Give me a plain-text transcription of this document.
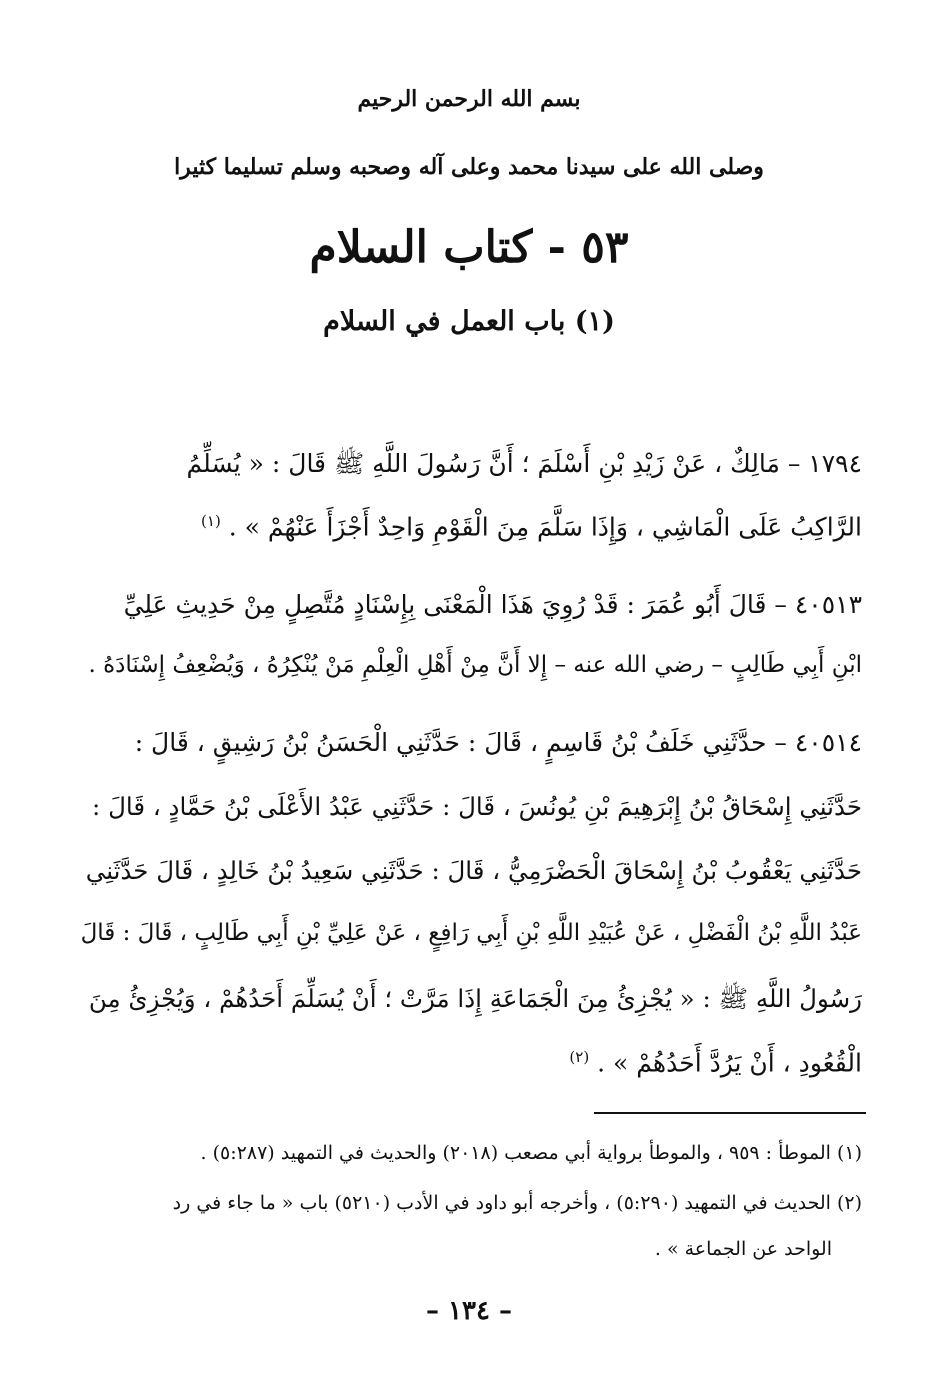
بسم الله الرحمن الرحيم
وصلى الله على سيدنا محمد وعلى آله وصحبه وسلم تسليما كثيرا
٥٣ - كتاب السلام
(١) باب العمل في السلام
١٧٩٤ – مَالِكٌ ، عَنْ زَيْدِ بْنِ أَسْلَمَ ؛ أَنَّ رَسُولَ اللَّهِ ﷺ قَالَ : « يُسَلِّمُ
الرَّاكِبُ عَلَى الْمَاشِي ، وَإِذَا سَلَّمَ مِنَ الْقَوْمِ وَاحِدٌ أَجْزَأَ عَنْهُمْ » . $^{(١)}$
٤٠٥١٣ – قَالَ أَبُو عُمَرَ : قَدْ رُوِيَ هَذَا الْمَعْنَى بِإِسْنَادٍ مُتَّصِلٍ مِنْ حَدِيثِ عَلِيِّ
ابْنِ أَبِي طَالِبٍ – رضي الله عنه – إِلا أَنَّ مِنْ أَهْلِ الْعِلْمِ مَنْ يُنْكِرُهُ ، وَيُضْعِفُ إِسْنَادَهُ .
٤٠٥١٤ – حدَّثَنِي خَلَفُ بْنُ قَاسِمٍ ، قَالَ : حَدَّثَنِي الْحَسَنُ بْنُ رَشِيقٍ ، قَالَ :
حَدَّثَنِي إِسْحَاقُ بْنُ إِبْرَهِيمَ بْنِ يُونُسَ ، قَالَ : حَدَّثَنِي عَبْدُ الأَعْلَى بْنُ حَمَّادٍ ، قَالَ :
حَدَّثَنِي يَعْقُوبُ بْنُ إِسْحَاقَ الْحَضْرَمِيُّ ، قَالَ : حَدَّثَنِي سَعِيدُ بْنُ خَالِدٍ ، قَالَ حَدَّثَنِي
عَبْدُ اللَّهِ بْنُ الْفَضْلِ ، عَنْ عُبَيْدِ اللَّهِ بْنِ أَبِي رَافِعٍ ، عَنْ عَلِيِّ بْنِ أَبِي طَالِبٍ ، قَالَ : قَالَ
رَسُولُ اللَّهِ ﷺ : « يُجْزِئُ مِنَ الْجَمَاعَةِ إِذَا مَرَّتْ ؛ أَنْ يُسَلِّمَ أَحَدُهُمْ ، وَيُجْزِئُ مِنَ
الْقُعُودِ ، أَنْ يَرُدَّ أَحَدُهُمْ » . $^{(٢)}$
(١) الموطأ : ٩٥٩ ، والموطأ برواية أبي مصعب (٢٠١٨) والحديث في التمهيد (٥:٢٨٧) .
(٢) الحديث في التمهيد (٥:٢٩٠) ، وأخرجه أبو داود في الأدب (٥٢١٠) باب « ما جاء في رد
الواحد عن الجماعة » .
– ١٣٤ –
